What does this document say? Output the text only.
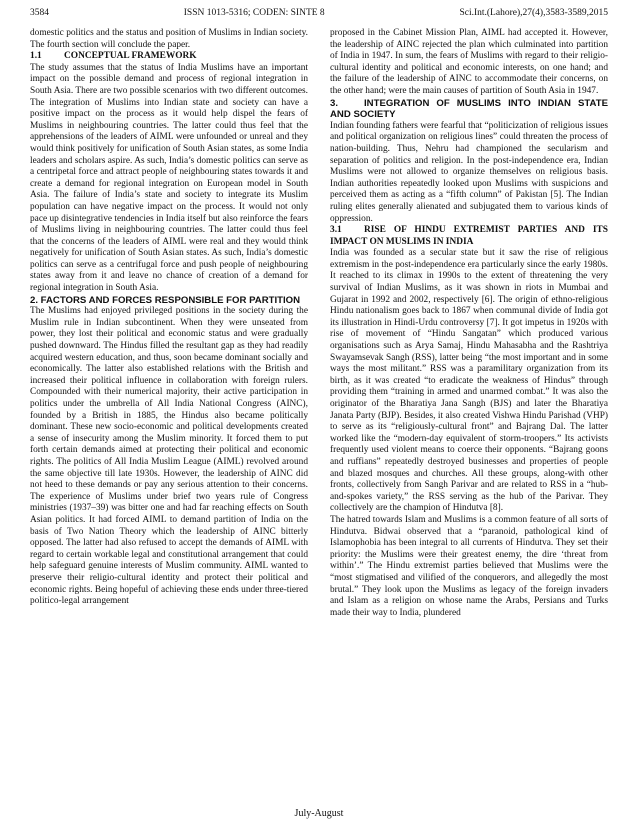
3584	ISSN 1013-5316; CODEN: SINTE 8	Sci.Int.(Lahore),27(4),3583-3589,2015

domestic politics and the status and position of Muslims in Indian society. The fourth section will conclude the paper.

1.1 CONCEPTUAL FRAMEWORK

The study assumes that the status of India Muslims have an important impact on the possible demand and process of regional integration in South Asia. There are two possible scenarios with two different outcomes. The integration of Muslims into Indian state and society can have a positive impact on the process as it would help dispel the fears of Muslims in neighbouring countries. The latter could thus feel that the apprehensions of the leaders of AIML were unfounded or unreal and they would think positively for unification of South Asian states, as some India leaders and scholars aspire. As such, India’s domestic politics can serve as a centripetal force and attract people of neighbouring states towards it and create a demand for regional integration on European model in South Asia. The failure of India’s state and society to integrate its Muslim population can have negative impact on the process. It would not only pace up disintegrative tendencies in India itself but also reinforce the fears of Muslims living in neighbouring countries. The latter could thus feel that the concerns of the leaders of AIML were real and they would think negatively for unification of South Asian states. As such, India’s domestic politics can serve as a centrifugal force and push people of neighbouring states away from it and leave no chance of creation of a demand for regional integration in South Asia.

2. FACTORS AND FORCES RESPONSIBLE FOR PARTITION

The Muslims had enjoyed privileged positions in the society during the Muslim rule in Indian subcontinent. When they were unseated from power, they lost their political and economic status and were gradually pushed downward. The Hindus filled the resultant gap as they had readily acquired western education, and thus, soon became dominant socially and economically. The latter also established relations with the British and increased their political influence in collaboration with foreign rulers. Compounded with their numerical majority, their active participation in politics under the umbrella of All India National Congress (AINC), founded by a British in 1885, the Hindus also became politically dominant. These new socio-economic and political developments created a sense of insecurity among the Muslim minority. It forced them to put forth certain demands aimed at protecting their political and economic rights. The politics of All India Muslim League (AIML) revolved around the same objective till late 1930s. However, the leadership of AINC did not heed to these demands or pay any serious attention to their concerns. The experience of Muslims under brief two years rule of Congress ministries (1937–39) was bitter one and had far reaching effects on South Asian politics. It had forced AIML to demand partition of India on the basis of Two Nation Theory which the leadership of AINC bitterly opposed. The latter had also refused to accept the demands of AIML with regard to certain workable legal and constitutional arrangement that could help safeguard genuine interests of Muslim community. AIML wanted to preserve their religio-cultural identity and protect their political and economic rights. Being hopeful of achieving these ends under three-tiered politico-legal arrangement

proposed in the Cabinet Mission Plan, AIML had accepted it. However, the leadership of AINC rejected the plan which culminated into partition of India in 1947. In sum, the fears of Muslims with regard to their religio-cultural identity and political and economic interests, on one hand; and the failure of the leadership of AINC to accommodate their concerns, on the other hand; were the main causes of partition of South Asia in 1947.

3.	INTEGRATION OF MUSLIMS INTO INDIAN STATE AND SOCIETY

Indian founding fathers were fearful that “politicization of religious issues and political organization on religious lines” could threaten the process of nation-building. Thus, Nehru had championed the secularism and separation of politics and religion. In the post-independence era, Indian Muslims were not allowed to organize themselves on religious basis. Indian authorities repeatedly looked upon Muslims with suspicions and perceived them as acting as a “fifth column” of Pakistan [5]. The Indian ruling elites generally alienated and subjugated them to various kinds of oppression.

3.1 RISE OF HINDU EXTREMIST PARTIES AND ITS IMPACT ON MUSLIMS IN INDIA

India was founded as a secular state but it saw the rise of religious extremism in the post-independence era particularly since the early 1980s. It reached to its climax in 1990s to the extent of threatening the very survival of Indian Muslims, as it was shown in riots in Mumbai and Gujarat in 1992 and 2002, respectively [6]. The origin of ethno-religious Hindu nationalism goes back to 1867 when communal divide of India got its illustration in Hindi-Urdu controversy [7]. It got impetus in 1920s with rise of movement of “Hindu Sangatan” which produced various organisations such as Arya Samaj, Hindu Mahasabha and the Rashtriya Swayamsevak Sangh (RSS), latter being “the most important and in some ways the most militant.” RSS was a paramilitary organization from its birth, as it was created “to eradicate the weakness of Hindus” through providing them “training in armed and unarmed combat.” It was also the originator of the Bharatiya Jana Sangh (BJS) and later the Bharatiya Janata Party (BJP). Besides, it also created Vishwa Hindu Parishad (VHP) to serve as its “religiously-cultural front” and Bajrang Dal. The latter worked like the “modern-day equivalent of storm-troopers.” Its activists frequently used violent means to coerce their opponents. “Bajrang goons and ruffians” repeatedly destroyed businesses and properties of people and blazed mosques and churches. All these groups, along-with other fronts, collectively from Sangh Parivar and are related to RSS in a “hub-and-spokes variety,” the RSS serving as the hub of the Parivar. They collectively are the champion of Hindutva [8].

The hatred towards Islam and Muslims is a common feature of all sorts of Hindutva. Bidwai observed that a “paranoid, pathological kind of Islamophobia has been integral to all currents of Hindutva. They set their priority: the Muslims were their greatest enemy, the dire ‘threat from within’.” The Hindu extremist parties believed that Muslims were the “most stigmatised and vilified of the conquerors, and allegedly the most brutal.” They look upon the Muslims as legacy of the foreign invaders and Islam as a religion on whose name the Arabs, Persians and Turks made their way to India, plundered

July-August
